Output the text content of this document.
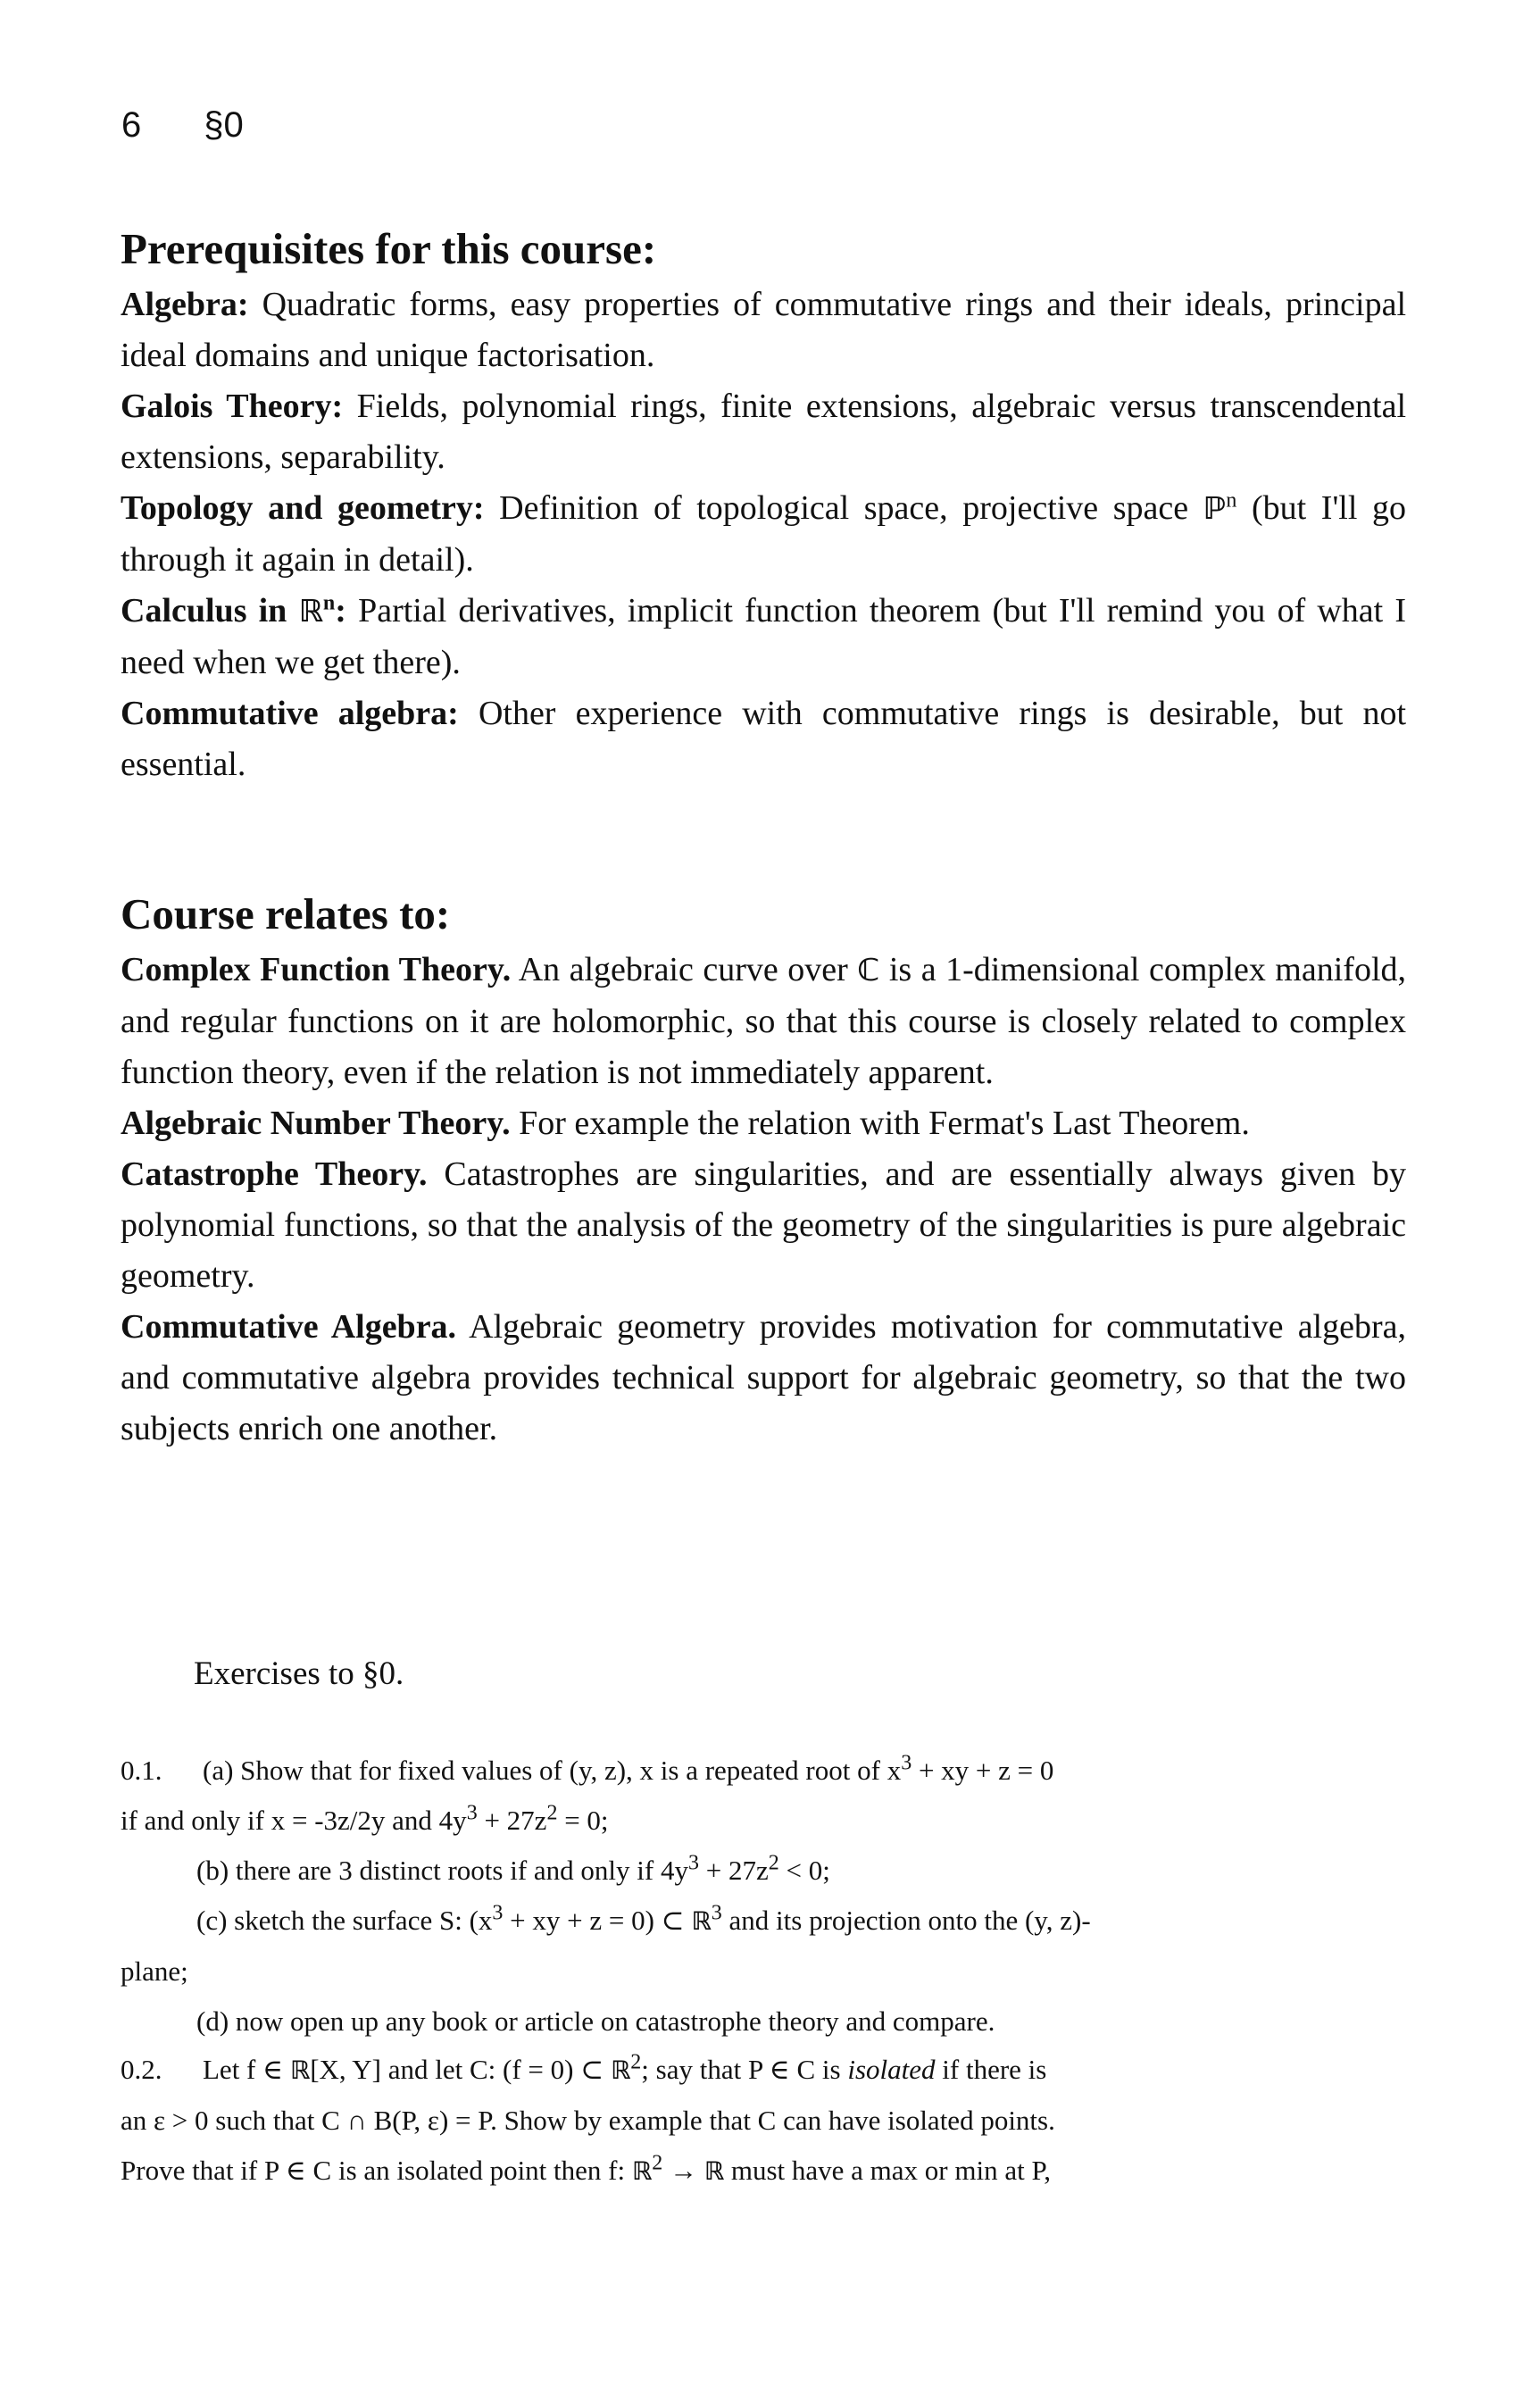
6 §0
Prerequisites for this course:

Algebra: Quadratic forms, easy properties of commutative rings and their ideals, principal ideal domains and unique factorisation.

Galois Theory: Fields, polynomial rings, finite extensions, algebraic versus transcendental extensions, separability.

Topology and geometry: Definition of topological space, projective space ℙ$^n$ (but I'll go through it again in detail).

Calculus in ℝ$^n$: Partial derivatives, implicit function theorem (but I'll remind you of what I need when we get there).

Commutative algebra: Other experience with commutative rings is desirable, but not essential.

Course relates to:

Complex Function Theory. An algebraic curve over ℂ is a 1-dimensional complex manifold, and regular functions on it are holomorphic, so that this course is closely related to complex function theory, even if the relation is not immediately apparent.

Algebraic Number Theory. For example the relation with Fermat's Last Theorem.

Catastrophe Theory. Catastrophes are singularities, and are essentially always given by polynomial functions, so that the analysis of the geometry of the singularities is pure algebraic geometry.

Commutative Algebra. Algebraic geometry provides motivation for commutative algebra, and commutative algebra provides technical support for algebraic geometry, so that the two subjects enrich one another.

Exercises to §0.
0.1. (a) Show that for fixed values of (y, z), x is a repeated root of $x^3$ + xy + z = 0
if and only if x = -3z/2y and $4y^3 + 27z^2 = 0$;
(b) there are 3 distinct roots if and only if $4y^3 + 27z^2 < 0$;
(c) sketch the surface S: ($x^3$ + xy + z = 0) ⊂ ℝ$^3$ and its projection onto the (y, z)-
plane;
(d) now open up any book or article on catastrophe theory and compare.
0.2. Let f ∈ ℝ[X, Y] and let C: (f = 0) ⊂ ℝ$^2$; say that P ∈ C is isolated if there is
an ε > 0 such that C ∩ B(P, ε) = P. Show by example that C can have isolated points.
Prove that if P ∈ C is an isolated point then f: ℝ$^2$ → ℝ must have a max or min at P,
